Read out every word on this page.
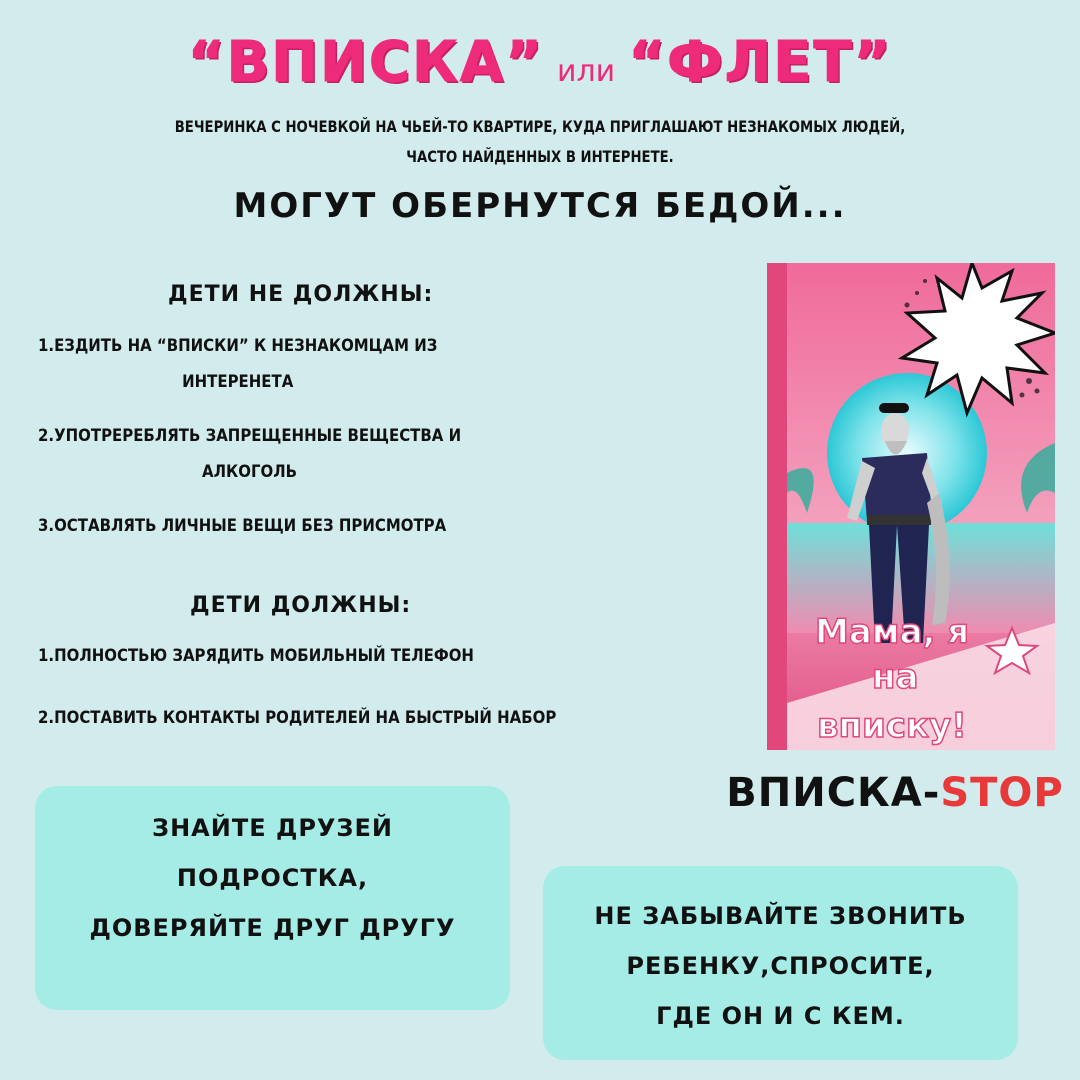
“ВПИСКА” или “ФЛЕТ”
ВЕЧЕРИНКА С НОЧЕВКОЙ НА ЧЬЕЙ-ТО КВАРТИРЕ, КУДА ПРИГЛАШАЮТ НЕЗНАКОМЫХ ЛЮДЕЙ,
ЧАСТО НАЙДЕННЫХ В ИНТЕРНЕТЕ.
МОГУТ ОБЕРНУТСЯ БЕДОЙ...
ДЕТИ НЕ ДОЛЖНЫ:
1.ЕЗДИТЬ НА “ВПИСКИ” К НЕЗНАКОМЦАМ ИЗ
ИНТЕРЕНЕТА
2.УПОТРЕРЕБЛЯТЬ ЗАПРЕЩЕННЫЕ ВЕЩЕСТВА И
АЛКОГОЛЬ
3.ОСТАВЛЯТЬ ЛИЧНЫЕ ВЕЩИ БЕЗ ПРИСМОТРА
ДЕТИ ДОЛЖНЫ:
1.ПОЛНОСТЬЮ ЗАРЯДИТЬ МОБИЛЬНЫЙ ТЕЛЕФОН
2.ПОСТАВИТЬ КОНТАКТЫ РОДИТЕЛЕЙ НА БЫСТРЫЙ НАБОР
Мама, я
на
вписку!
ВПИСКА-STOP
ЗНАЙТЕ ДРУЗЕЙ
ПОДРОСТКА,
ДОВЕРЯЙТЕ ДРУГ ДРУГУ	НЕ ЗАБЫВАЙТЕ ЗВОНИТЬ
РЕБЕНКУ,СПРОСИТЕ,
ГДЕ ОН И С КЕМ.
